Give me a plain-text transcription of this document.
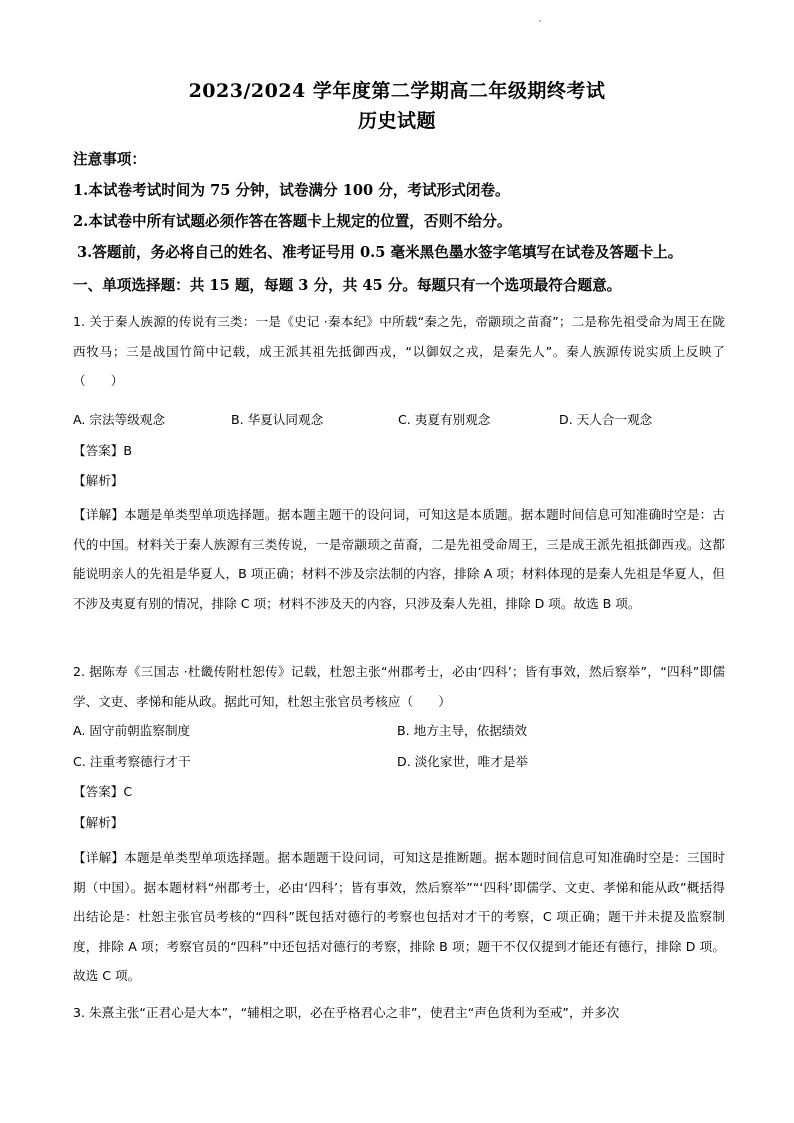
2023/2024 学年度第二学期高二年级期终考试
历史试题
注意事项：
1.本试卷考试时间为 75 分钟，试卷满分 100 分，考试形式闭卷。
2.本试卷中所有试题必须作答在答题卡上规定的位置，否则不给分。
3.答题前，务必将自己的姓名、准考证号用 0.5 毫米黑色墨水签字笔填写在试卷及答题卡上。
一、单项选择题：共 15 题，每题 3 分，共 45 分。每题只有一个选项最符合题意。
1. 关于秦人族源的传说有三类：一是《史记 ·秦本纪》中所载“秦之先，帝颛顼之苗裔”；二是称先祖受命为周王在陇西牧马；三是战国竹简中记载，成王派其祖先抵御西戎，“以御奴之戎，是秦先人”。秦人族源传说实质上反映了（　　）
A. 宗法等级观念	B. 华夏认同观念	C. 夷夏有别观念	D. 天人合一观念
【答案】B
【解析】
【详解】本题是单类型单项选择题。据本题主题干的设问词，可知这是本质题。据本题时间信息可知准确时空是：古代的中国。材料关于秦人族源有三类传说，一是帝颛顼之苗裔，二是先祖受命周王，三是成王派先祖抵御西戎。这都能说明亲人的先祖是华夏人，B 项正确；材料不涉及宗法制的内容，排除 A 项；材料体现的是秦人先祖是华夏人，但不涉及夷夏有别的情况，排除 C 项；材料不涉及天的内容，只涉及秦人先祖，排除 D 项。故选 B 项。
2. 据陈寿《三国志 ·杜畿传附杜恕传》记载，杜恕主张“州郡考士，必由‘四科’；皆有事效，然后察举”，“四科”即儒学、文吏、孝悌和能从政。据此可知，杜恕主张官员考核应（　　）
A. 固守前朝监察制度	B. 地方主导，依据绩效
C. 注重考察德行才干	D. 淡化家世，唯才是举
【答案】C
【解析】
【详解】本题是单类型单项选择题。据本题题干设问词，可知这是推断题。据本题时间信息可知准确时空是：三国时期（中国）。据本题材料“州郡考士，必由‘四科’；皆有事效，然后察举”“‘四科’即儒学、文吏、孝悌和能从政”概括得出结论是：杜恕主张官员考核的“四科”既包括对德行的考察也包括对才干的考察，C 项正确；题干并未提及监察制度，排除 A 项；考察官员的“四科”中还包括对德行的考察，排除 B 项；题干不仅仅提到才能还有德行，排除 D 项。故选 C 项。
3. 朱熹主张“正君心是大本”，“辅相之职，必在乎格君心之非”，使君主“声色货利为至戒”，并多次
